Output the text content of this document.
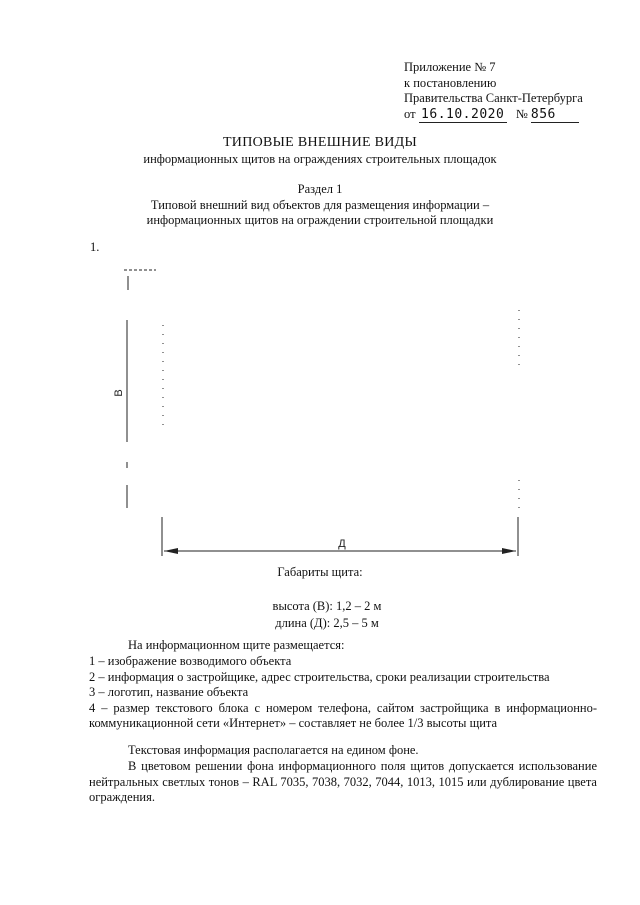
Приложение № 7
к постановлению
Правительства Санкт-Петербурга
от 16.10.2020 № 856
ТИПОВЫЕ ВНЕШНИЕ ВИДЫ
информационных щитов на ограждениях строительных площадок
Раздел 1
Типовой внешний вид объектов для размещения информации –
информационных щитов на ограждении строительной площадки
1.
В
Д
Габариты щита:
высота (В): 1,2 – 2 м
длина (Д): 2,5 – 5 м
На информационном щите размещается:
1 – изображение возводимого объекта
2 – информация о застройщике, адрес строительства, сроки реализации строительства
3 – логотип, название объекта
4 – размер текстового блока с номером телефона, сайтом застройщика в информационно-коммуникационной сети «Интернет» – составляет не более 1/3 высоты щита
Текстовая информация располагается на едином фоне.
В цветовом решении фона информационного поля щитов допускается использование нейтральных светлых тонов – RAL 7035, 7038, 7032, 7044, 1013, 1015 или дублирование цвета ограждения.
